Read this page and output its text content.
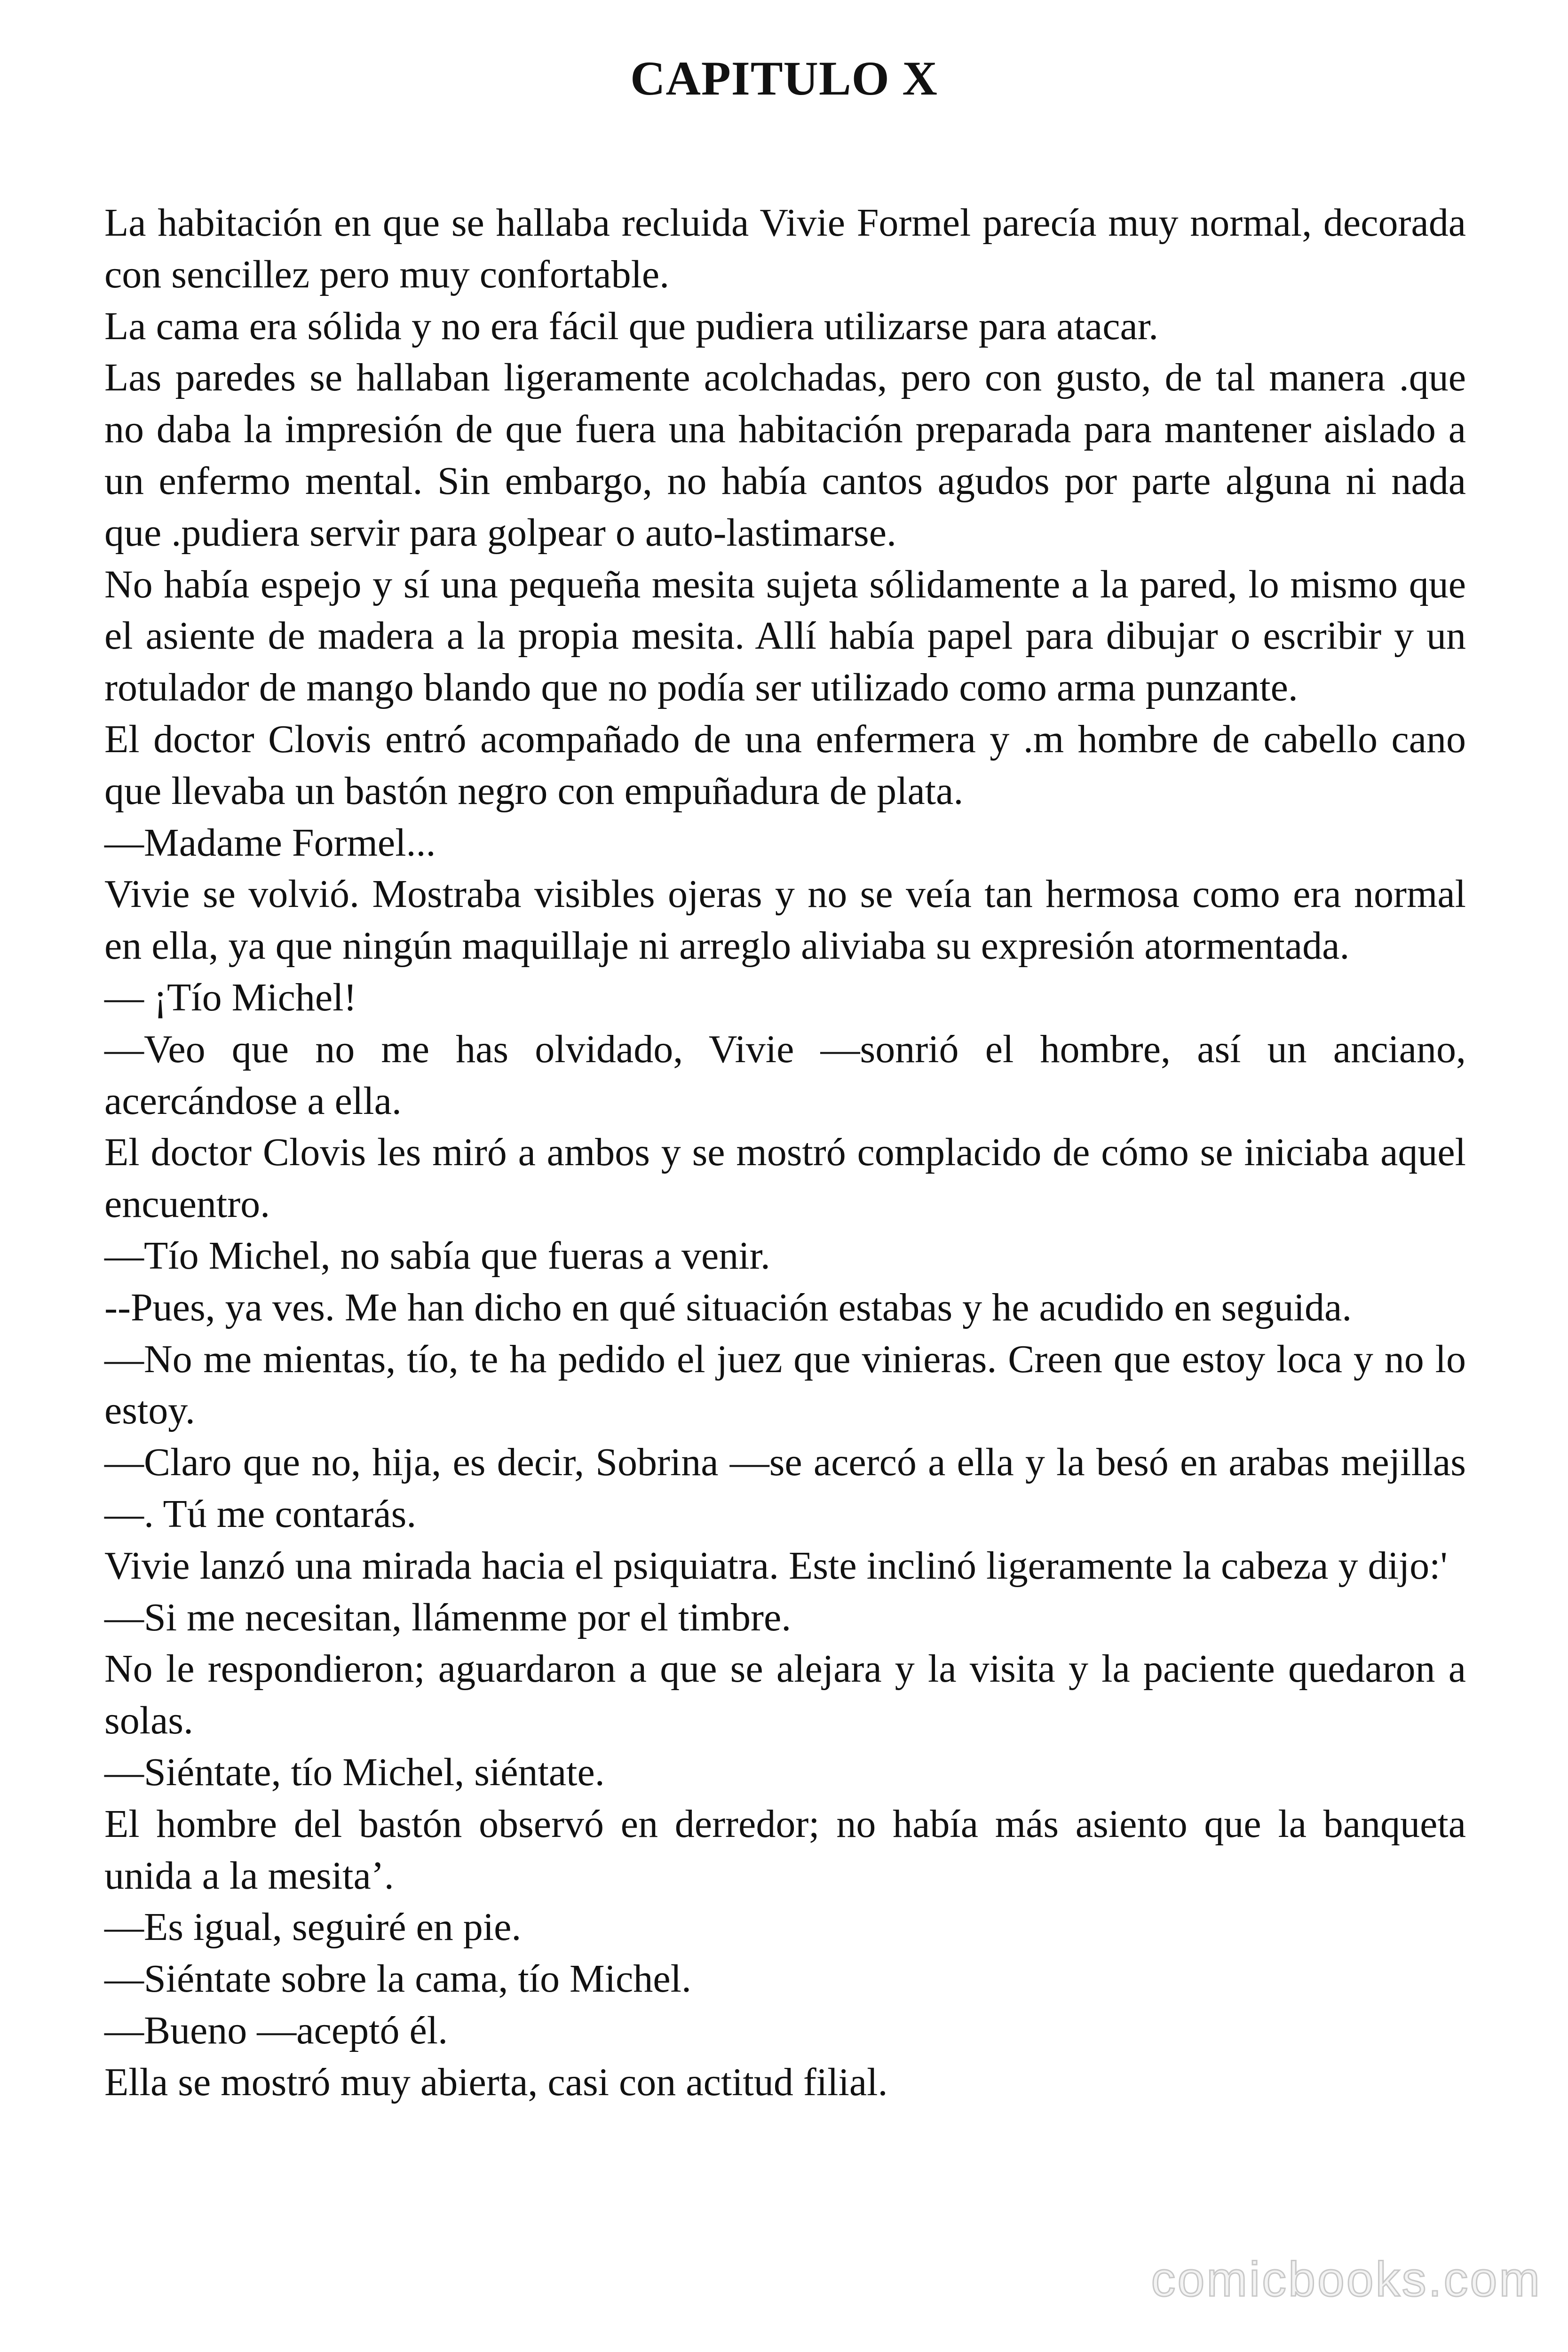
CAPITULO X

La habitación en que se hallaba recluida Vivie Formel parecía muy normal, decorada con sencillez pero muy confortable.

La cama era sólida y no era fácil que pudiera utilizarse para atacar.

Las paredes se hallaban ligeramente acolchadas, pero con gusto, de tal manera .que no daba la impresión de que fuera una habitación preparada para mantener aislado a un enfermo mental. Sin embargo, no había cantos agudos por parte alguna ni nada que .pudiera servir para golpear o auto-lastimarse.

No había espejo y sí una pequeña mesita sujeta sólidamente a la pared, lo mismo que el asiente de madera a la propia mesita. Allí había papel para dibujar o escribir y un rotulador de mango blando que no podía ser utilizado como arma punzante.

El doctor Clovis entró acompañado de una enfermera y .m hombre de cabello cano que llevaba un bastón negro con empuñadura de plata.

—Madame Formel...

Vivie se volvió. Mostraba visibles ojeras y no se veía tan hermosa como era normal en ella, ya que ningún maquillaje ni arreglo aliviaba su expresión atormentada.

— ¡Tío Michel!

—Veo que no me has olvidado, Vivie —sonrió el hombre, así un anciano, acercándose a ella.

El doctor Clovis les miró a ambos y se mostró complacido de cómo se iniciaba aquel encuentro.

—Tío Michel, no sabía que fueras a venir.

--Pues, ya ves. Me han dicho en qué situación estabas y he acudido en seguida.

—No me mientas, tío, te ha pedido el juez que vinieras. Creen que estoy loca y no lo estoy.

—Claro que no, hija, es decir, Sobrina —se acercó a ella y la besó en arabas mejillas—. Tú me contarás.

Vivie lanzó una mirada hacia el psiquiatra. Este inclinó ligeramente la cabeza y dijo:'

—Si me necesitan, llámenme por el timbre.

No le respondieron; aguardaron a que se alejara y la visita y la paciente quedaron a solas.

—Siéntate, tío Michel, siéntate.

El hombre del bastón observó en derredor; no había más asiento que la banqueta unida a la mesita’.

—Es igual, seguiré en pie.

—Siéntate sobre la cama, tío Michel.

—Bueno —aceptó él.

Ella se mostró muy abierta, casi con actitud filial.

comicbooks.com
